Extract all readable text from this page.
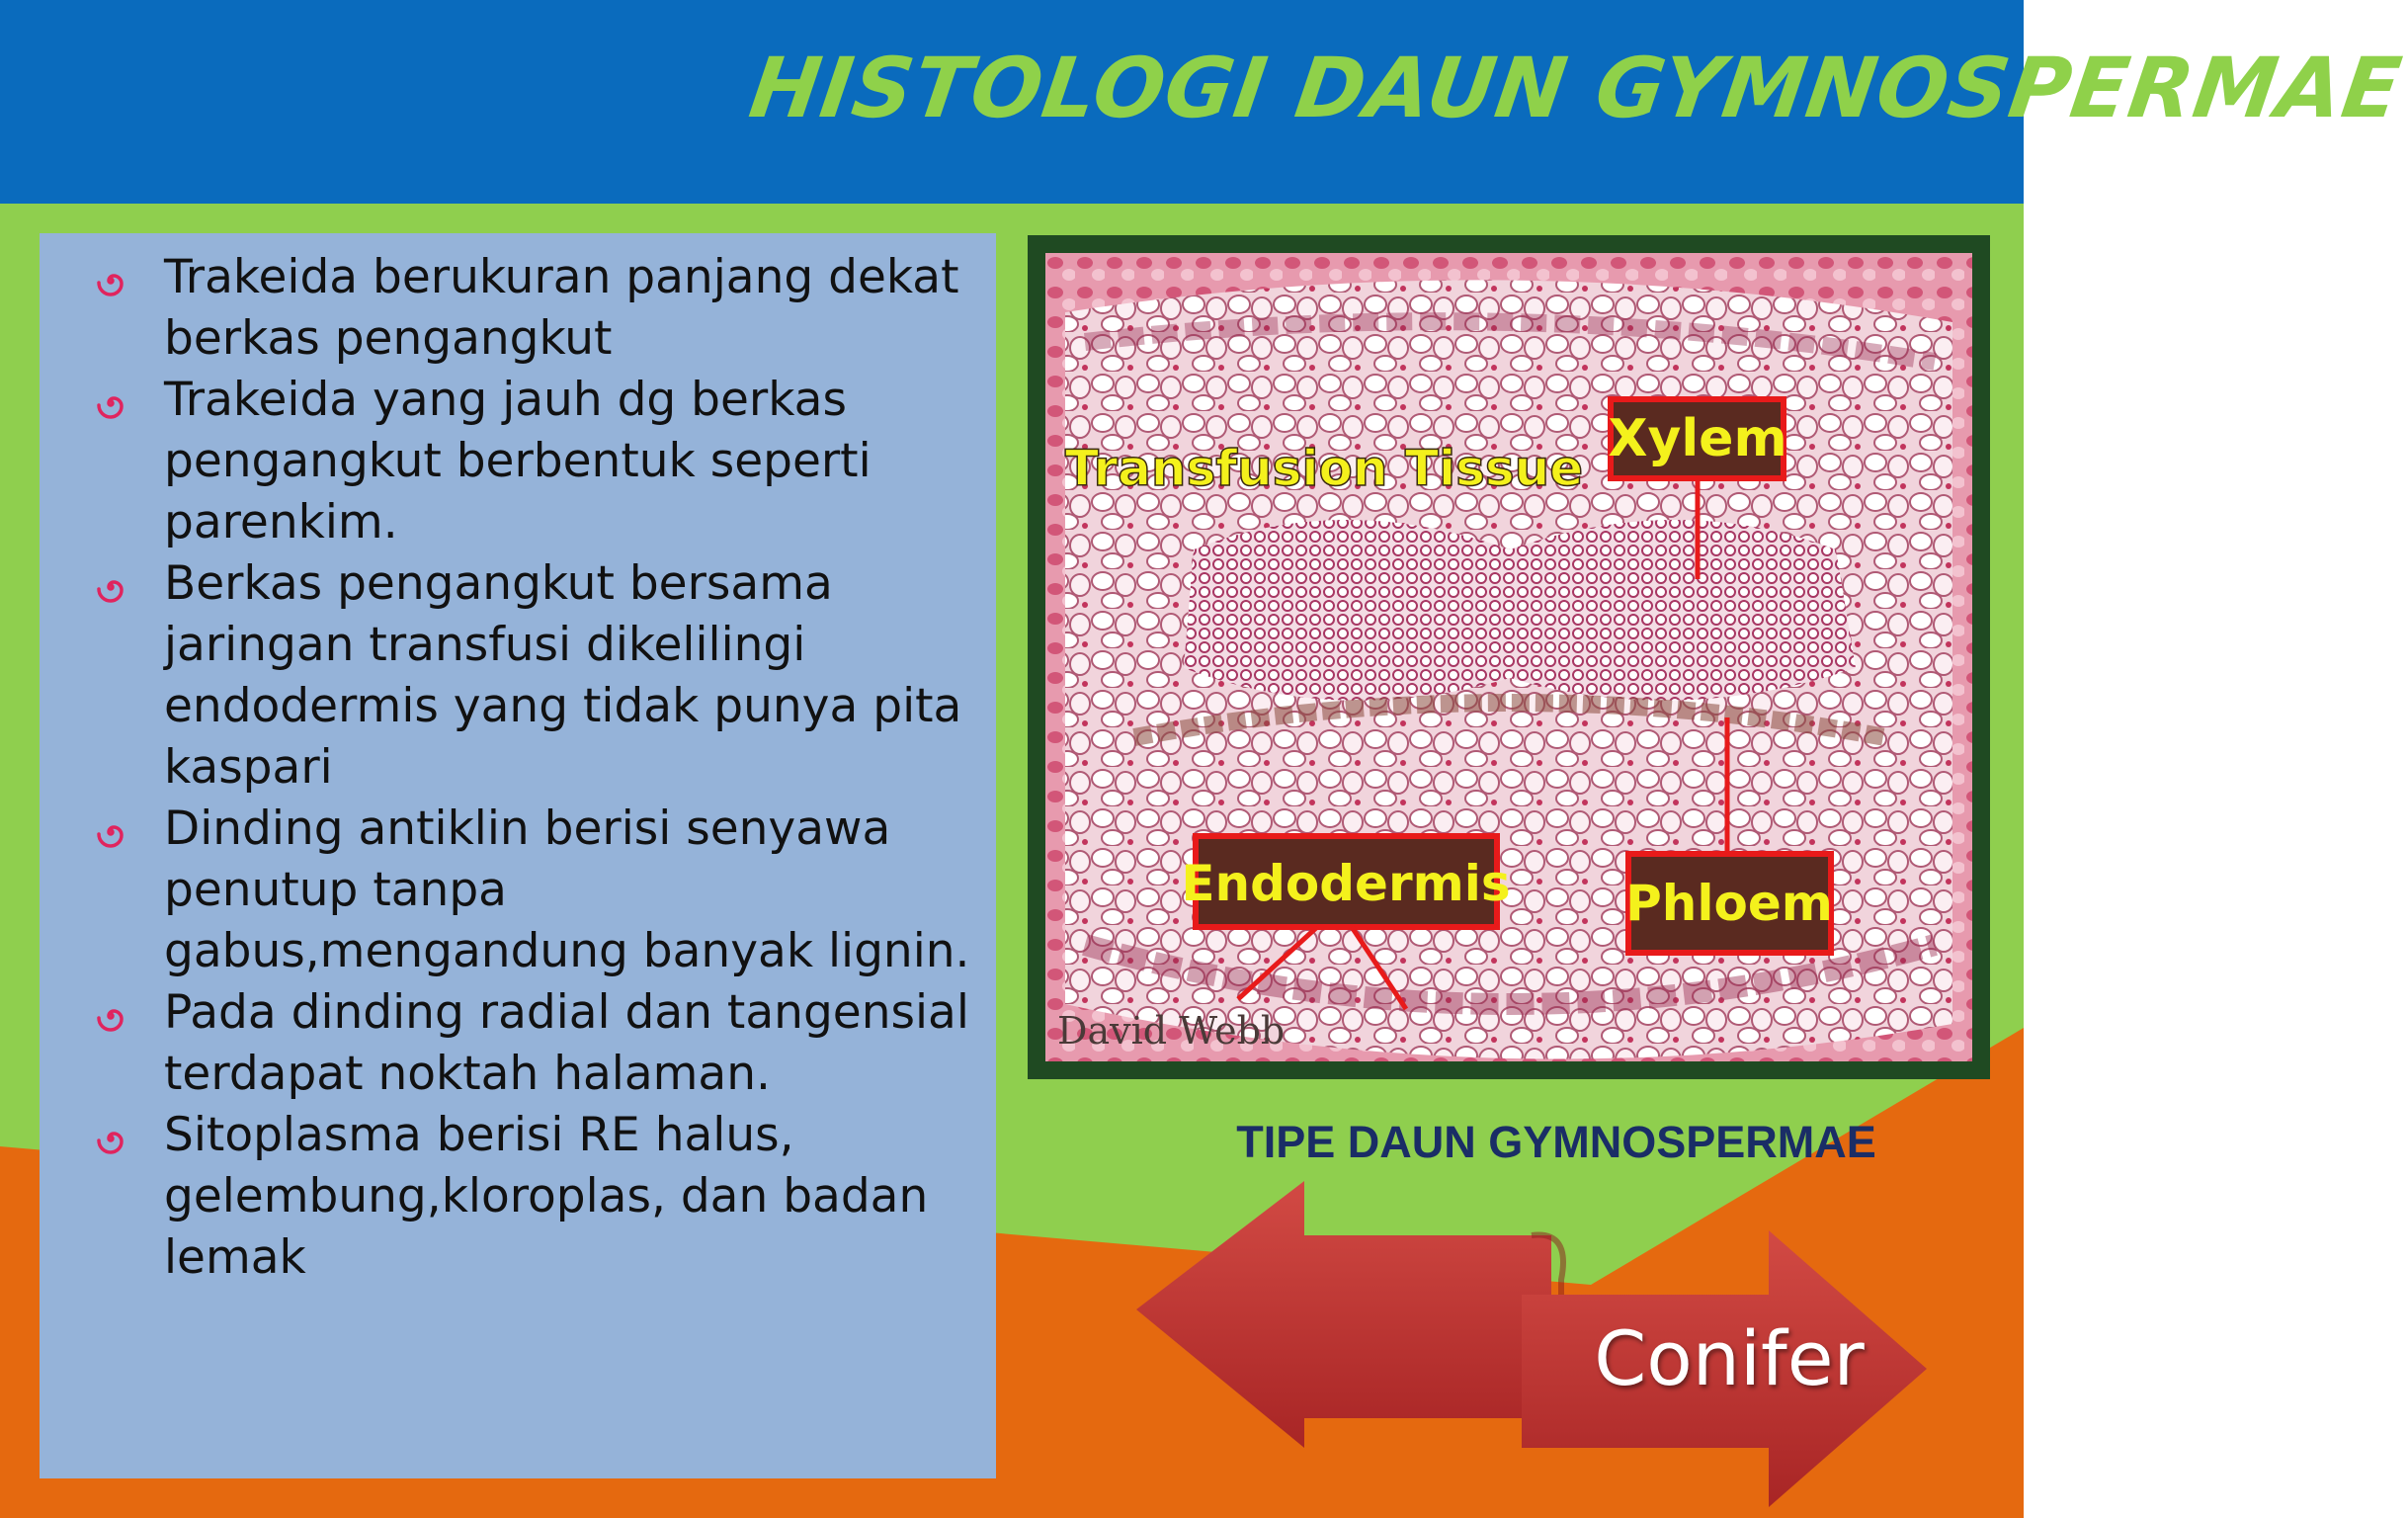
HISTOLOGI DAUN GYMNOSPERMAE
Trakeida berukuran panjang dekat berkas pengangkut
Trakeida yang jauh dg berkas pengangkut berbentuk seperti parenkim.
Berkas pengangkut bersama jaringan transfusi dikelilingi endodermis yang tidak punya pita kaspari
Dinding antiklin berisi senyawa penutup tanpa gabus,mengandung banyak lignin.
Pada dinding radial dan tangensial terdapat noktah halaman.
Sitoplasma berisi RE halus, gelembung,kloroplas, dan badan lemak
Xylem
Transfusion Tissue
Endodermis Phloem
David Webb
TIPE DAUN GYMNOSPERMAE
Conifer
